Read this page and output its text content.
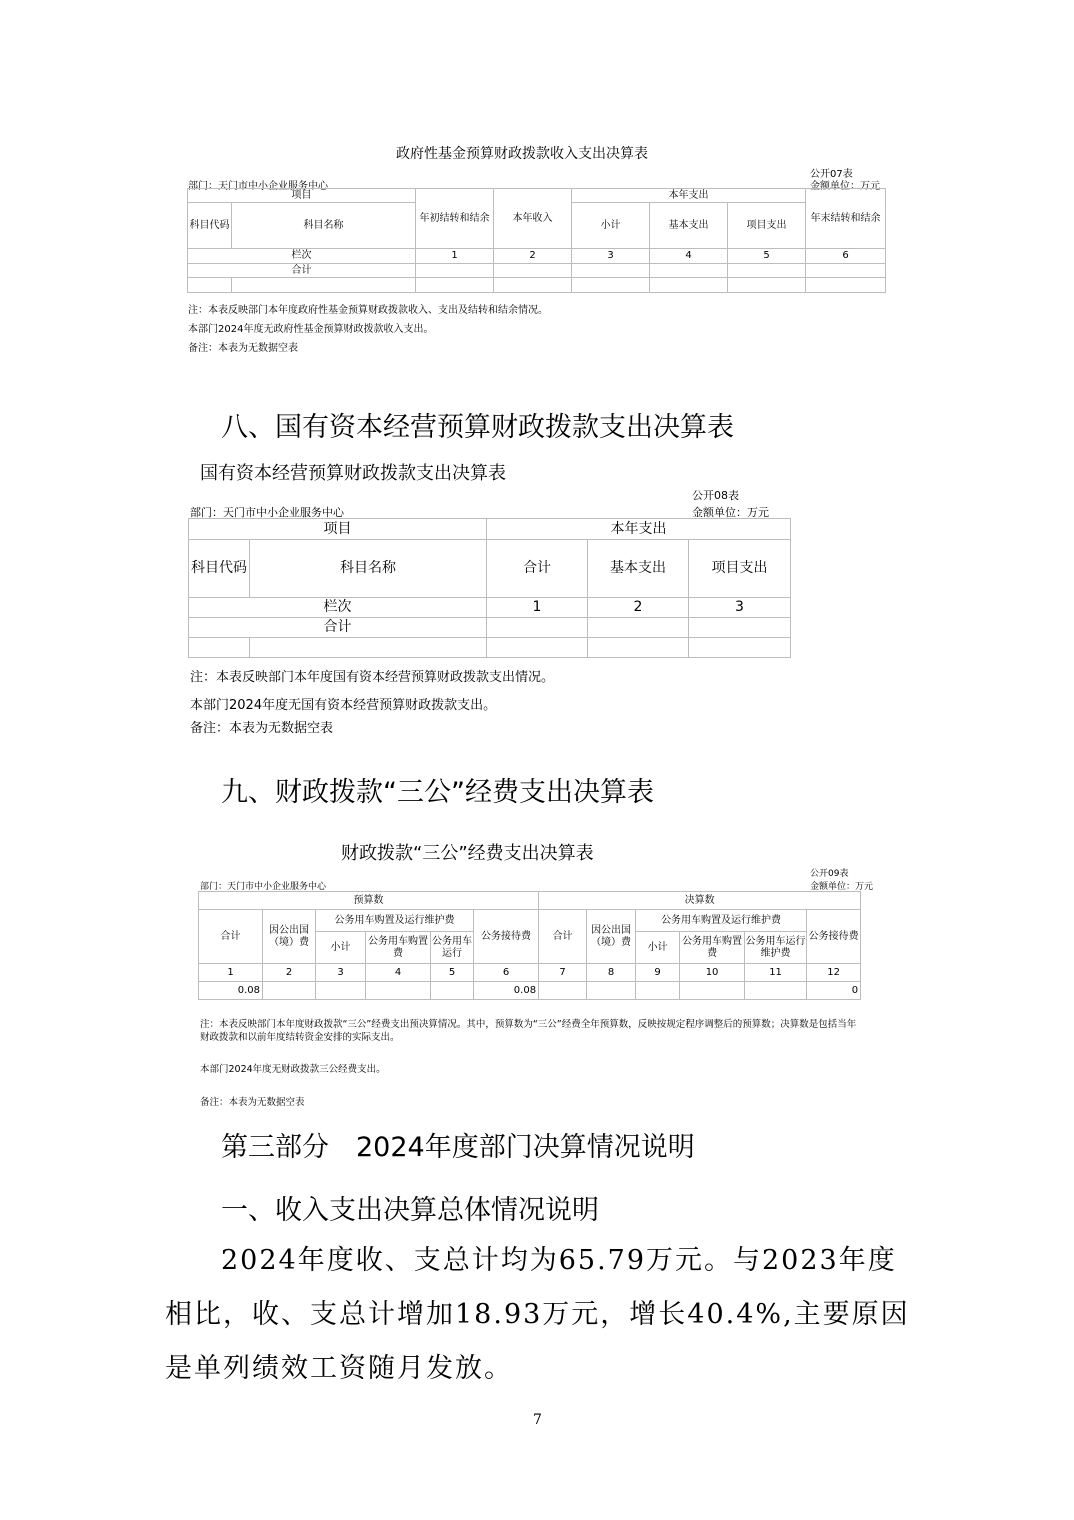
政府性基金预算财政拨款收入支出决算表
公开07表
部门：天门市中小企业服务中心	金额单位：万元
项目		年初结转和结余	本年收入	本年支出			年末结转和结余
科目代码	科目名称			小计	基本支出	项目支出	
栏次		1	2	3	4	5	6
合计							

注：本表反映部门本年度政府性基金预算财政拨款收入、支出及结转和结余情况。
本部门2024年度无政府性基金预算财政拨款收入支出。
备注：本表为无数据空表
八、国有资本经营预算财政拨款支出决算表
国有资本经营预算财政拨款支出决算表
公开08表
部门：天门市中小企业服务中心	金额单位：万元
项目		本年支出		
科目代码	科目名称	合计	基本支出	项目支出
栏次		1	2	3
合计				

注：本表反映部门本年度国有资本经营预算财政拨款支出情况。
本部门2024年度无国有资本经营预算财政拨款支出。
备注：本表为无数据空表
九、财政拨款“三公”经费支出决算表
财政拨款“三公”经费支出决算表
公开09表
部门：天门市中小企业服务中心	金额单位：万元
预算数						决算数					
合计	因公出国（境）费	公务用车购置及运行维护费			公务接待费	合计	因公出国（境）费	公务用车购置及运行维护费			公务接待费
		小计	公务用车购置费	公务用车运行				小计	公务用车购置费	公务用车运行维护费	
1	2	3	4	5	6	7	8	9	10	11	12
0.08					0.08						0
注：本表反映部门本年度财政拨款“三公”经费支出预决算情况。其中，预算数为“三公”经费全年预算数，反映按规定程序调整后的预算数；决算数是包括当年财政拨款和以前年度结转资金安排的实际支出。
本部门2024年度无财政拨款三公经费支出。
备注：本表为无数据空表
第三部分　2024年度部门决算情况说明
一、收入支出决算总体情况说明
2024年度收、支总计均为65.79万元。与2023年度相比，收、支总计增加18.93万元，增长40.4%,主要原因是单列绩效工资随月发放。
7
